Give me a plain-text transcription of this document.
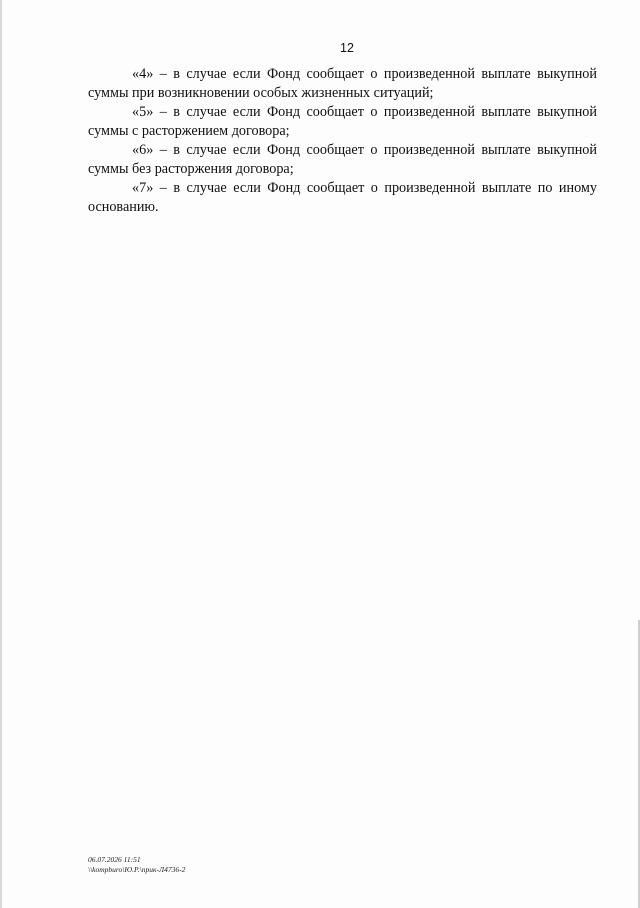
12

«4» – в случае если Фонд сообщает о произведенной выплате выкупной суммы при возникновении особых жизненных ситуаций;

«5» – в случае если Фонд сообщает о произведенной выплате выкупной суммы с расторжением договора;

«6» – в случае если Фонд сообщает о произведенной выплате выкупной суммы без расторжения договора;

«7» – в случае если Фонд сообщает о произведенной выплате по иному основанию.

06.07.2026 11:51
\\kompburo\Ю.Р.\прик-Л4736-2
